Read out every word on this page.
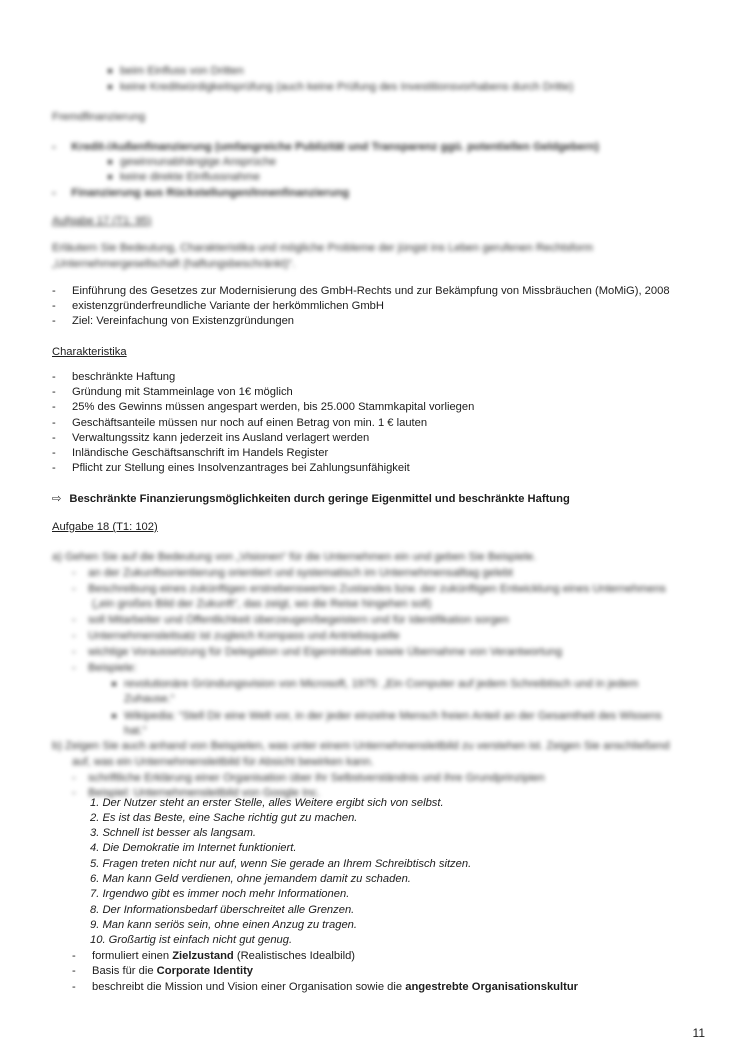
beim Einfluss von Dritten
keine Kreditwürdigkeitsprüfung (auch keine Prüfung des Investitionsvorhabens durch Dritte)
Fremdfinanzierung
-     Kredit-/Außenfinanzierung (umfangreiche Publizität und Transparenz ggü. potentiellen Geldgebern)
gewinnunabhängige Ansprüche
keine direkte Einflussnahme
-     Finanzierung aus Rückstellungen/Innenfinanzierung
Aufgabe 17 (T1: 95)
Erläutern Sie Bedeutung, Charakteristika und mögliche Probleme der jüngst ins Leben gerufenen Rechtsform
„Unternehmergesellschaft (haftungsbeschränkt)“.
-	Einführung des Gesetzes zur Modernisierung des GmbH-Rechts und zur Bekämpfung von Missbräuchen (MoMiG), 2008
-	existenzgründerfreundliche Variante der herkömmlichen GmbH
-	Ziel: Vereinfachung von Existenzgründungen
Charakteristika
-	beschränkte Haftung
-	Gründung mit Stammeinlage von 1€ möglich
-	25% des Gewinns müssen angespart werden, bis 25.000 Stammkapital vorliegen
-	Geschäftsanteile müssen nur noch auf einen Betrag von min. 1 € lauten
-	Verwaltungssitz kann jederzeit ins Ausland verlagert werden
-	Inländische Geschäftsanschrift im Handels Register
-	Pflicht zur Stellung eines Insolvenzantrages bei Zahlungsunfähigkeit
⇨ Beschränkte Finanzierungsmöglichkeiten durch geringe Eigenmittel und beschränkte Haftung
Aufgabe 18 (T1: 102)
a) Gehen Sie auf die Bedeutung von „Visionen“ für die Unternehmen ein und geben Sie Beispiele.
-    an der Zukunftsorientierung orientiert und systematisch im Unternehmensalltag gelebt
-    Beschreibung eines zukünftigen erstrebenswerten Zustandes bzw. der zukünftigen Entwicklung eines Unternehmens
(„ein großes Bild der Zukunft“, das zeigt, wo die Reise hingehen soll)
-    soll Mitarbeiter und Öffentlichkeit überzeugen/begeistern und für Identifikation sorgen
-    Unternehmensleitsatz ist zugleich Kompass und Antriebsquelle
-    wichtige Voraussetzung für Delegation und Eigeninitiative sowie Übernahme von Verantwortung
-    Beispiele:
revolutionäre Gründungsvision von Microsoft, 1975: „Ein Computer auf jedem Schreibtisch und in jedem
Zuhause.“
Wikipedia: “Stell Dir eine Welt vor, in der jeder einzelne Mensch freien Anteil an der Gesamtheit des Wissens
hat.”
b) Zeigen Sie auch anhand von Beispielen, was unter einem Unternehmensleitbild zu verstehen ist. Zeigen Sie anschließend
auf, was ein Unternehmensleitbild für Absicht bewirken kann.
-    schriftliche Erklärung einer Organisation über ihr Selbstverständnis und ihre Grundprinzipien
-    Beispiel: Unternehmensleitbild von Google Inc.
1. Der Nutzer steht an erster Stelle, alles Weitere ergibt sich von selbst.
2. Es ist das Beste, eine Sache richtig gut zu machen.
3. Schnell ist besser als langsam.
4. Die Demokratie im Internet funktioniert.
5. Fragen treten nicht nur auf, wenn Sie gerade an Ihrem Schreibtisch sitzen.
6. Man kann Geld verdienen, ohne jemandem damit zu schaden.
7. Irgendwo gibt es immer noch mehr Informationen.
8. Der Informationsbedarf überschreitet alle Grenzen.
9. Man kann seriös sein, ohne einen Anzug zu tragen.
10. Großartig ist einfach nicht gut genug.
-	formuliert einen Zielzustand (Realistisches Idealbild)
-	Basis für die Corporate Identity
-	beschreibt die Mission und Vision einer Organisation sowie die angestrebte Organisationskultur
11
